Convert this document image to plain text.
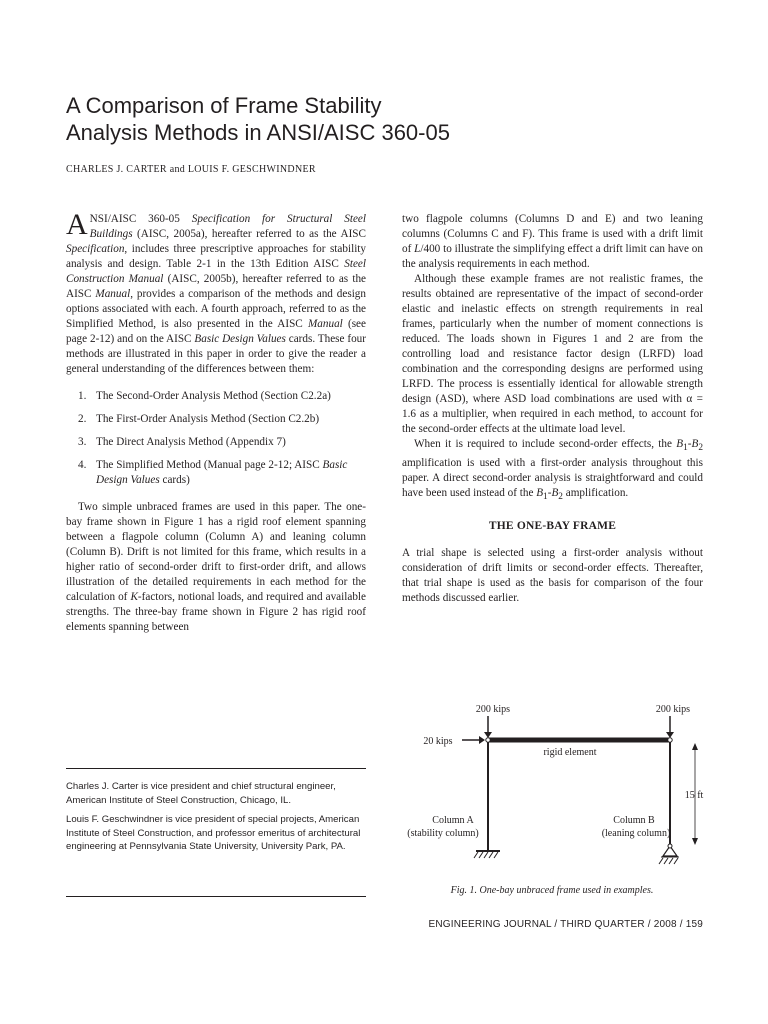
A Comparison of Frame Stability
Analysis Methods in ANSI/AISC 360-05
CHARLES J. CARTER and LOUIS F. GESCHWINDNER

ANSI/AISC 360-05 Specification for Structural Steel Buildings (AISC, 2005a), hereafter referred to as the AISC Specification, includes three prescriptive approaches for stability analysis and design. Table 2-1 in the 13th Edition AISC Steel Construction Manual (AISC, 2005b), hereafter referred to as the AISC Manual, provides a comparison of the methods and design options associated with each. A fourth approach, referred to as the Simplified Method, is also presented in the AISC Manual (see page 2-12) and on the AISC Basic Design Values cards. These four methods are illustrated in this paper in order to give the reader a general understanding of the differences between them:

1. The Second-Order Analysis Method (Section C2.2a)
2. The First-Order Analysis Method (Section C2.2b)
3. The Direct Analysis Method (Appendix 7)
4. The Simplified Method (Manual page 2-12; AISC Basic Design Values cards)

Two simple unbraced frames are used in this paper. The one-bay frame shown in Figure 1 has a rigid roof element spanning between a flagpole column (Column A) and leaning column (Column B). Drift is not limited for this frame, which results in a higher ratio of second-order drift to first-order drift, and allows illustration of the detailed requirements in each method for the calculation of K-factors, notional loads, and required and available strengths. The three-bay frame shown in Figure 2 has rigid roof elements spanning between

two flagpole columns (Columns D and E) and two leaning columns (Columns C and F). This frame is used with a drift limit of L/400 to illustrate the simplifying effect a drift limit can have on the analysis requirements in each method.

Although these example frames are not realistic frames, the results obtained are representative of the impact of second-order elastic and inelastic effects on strength requirements in real frames, particularly when the number of moment connections is reduced. The loads shown in Figures 1 and 2 are from the controlling load and resistance factor design (LRFD) load combination and the corresponding designs are performed using LRFD. The process is essentially identical for allowable strength design (ASD), where ASD load combinations are used with α = 1.6 as a multiplier, when required in each method, to account for the second-order effects at the ultimate load level.

When it is required to include second-order effects, the $B_1-B_2$ amplification is used with a first-order analysis throughout this paper. A direct second-order analysis is straightforward and could have been used instead of the $B_1-B_2$ amplification.

THE ONE-BAY FRAME

A trial shape is selected using a first-order analysis without consideration of drift limits or second-order effects. Thereafter, that trial shape is used as the basis for comparison of the four methods discussed earlier.

200 kips	200 kips
20 kips
rigid element
15 ft
Column A
(stability column)
Column B
(leaning column)
Fig. 1. One-bay unbraced frame used in examples.

Charles J. Carter is vice president and chief structural engineer, American Institute of Steel Construction, Chicago, IL.

Louis F. Geschwindner is vice president of special projects, American Institute of Steel Construction, and professor emeritus of architectural engineering at Pennsylvania State University, University Park, PA.

ENGINEERING JOURNAL / THIRD QUARTER / 2008 / 159
